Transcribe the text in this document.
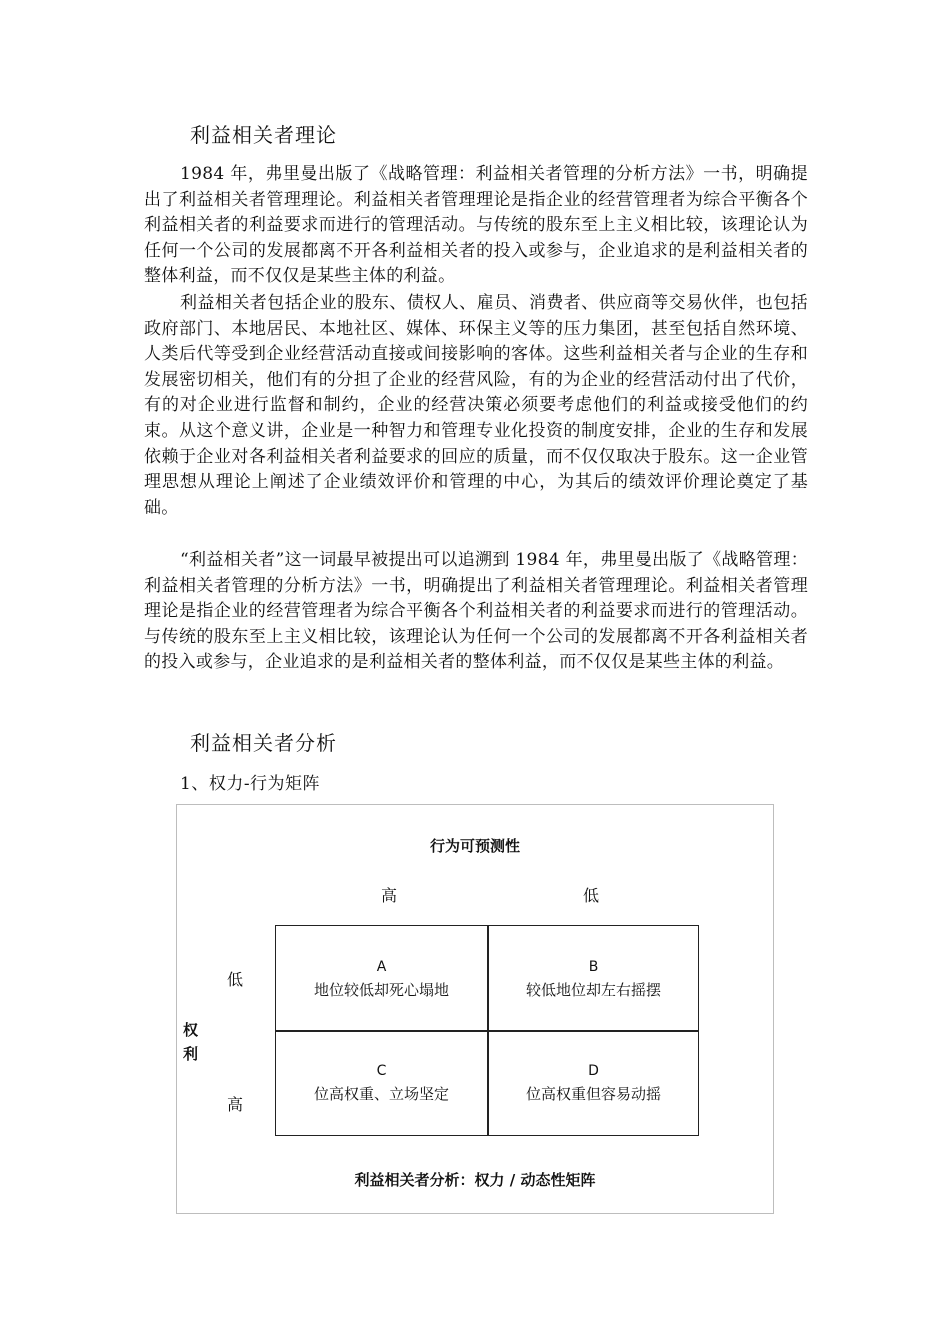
利益相关者理论

1984 年，弗里曼出版了《战略管理：利益相关者管理的分析方法》一书，明确提出了利益相关者管理理论。利益相关者管理理论是指企业的经营管理者为综合平衡各个利益相关者的利益要求而进行的管理活动。与传统的股东至上主义相比较，该理论认为任何一个公司的发展都离不开各利益相关者的投入或参与，企业追求的是利益相关者的整体利益，而不仅仅是某些主体的利益。

利益相关者包括企业的股东、债权人、雇员、消费者、供应商等交易伙伴，也包括政府部门、本地居民、本地社区、媒体、环保主义等的压力集团，甚至包括自然环境、人类后代等受到企业经营活动直接或间接影响的客体。这些利益相关者与企业的生存和发展密切相关，他们有的分担了企业的经营风险，有的为企业的经营活动付出了代价，有的对企业进行监督和制约，企业的经营决策必须要考虑他们的利益或接受他们的约束。从这个意义讲，企业是一种智力和管理专业化投资的制度安排，企业的生存和发展依赖于企业对各利益相关者利益要求的回应的质量，而不仅仅取决于股东。这一企业管理思想从理论上阐述了企业绩效评价和管理的中心，为其后的绩效评价理论奠定了基础。

“利益相关者”这一词最早被提出可以追溯到 1984 年，弗里曼出版了《战略管理：利益相关者管理的分析方法》一书，明确提出了利益相关者管理理论。利益相关者管理理论是指企业的经营管理者为综合平衡各个利益相关者的利益要求而进行的管理活动。与传统的股东至上主义相比较，该理论认为任何一个公司的发展都离不开各利益相关者的投入或参与，企业追求的是利益相关者的整体利益，而不仅仅是某些主体的利益。

利益相关者分析
1、权力-行为矩阵
行为可预测性
高	低
低
高
权利
A
地位较低却死心塌地
B
较低地位却左右摇摆
C
位高权重、立场坚定
D
位高权重但容易动摇
利益相关者分析：权力 / 动态性矩阵
